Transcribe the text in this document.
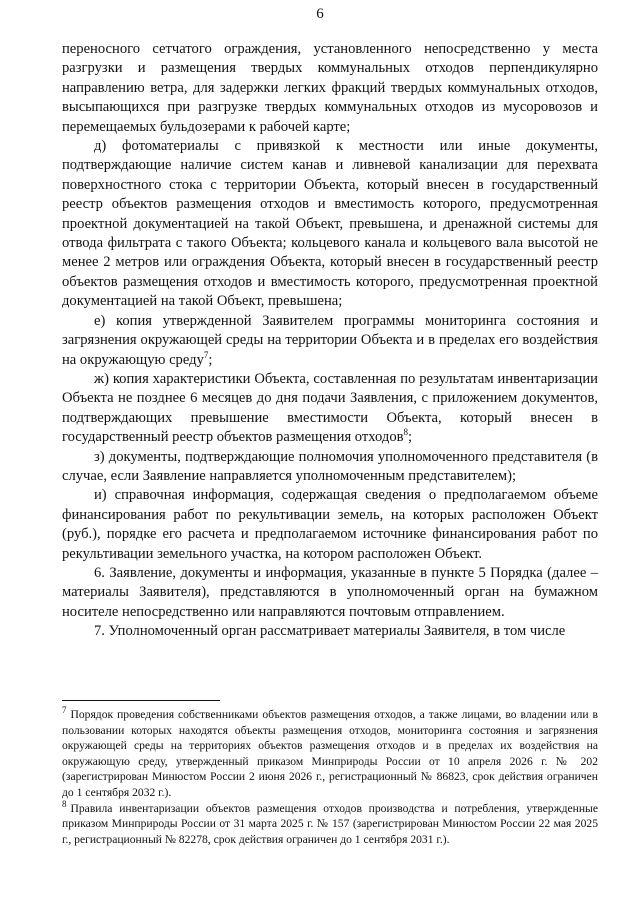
6

переносного сетчатого ограждения, установленного непосредственно у места разгрузки и размещения твердых коммунальных отходов перпендикулярно направлению ветра, для задержки легких фракций твердых коммунальных отходов, высыпающихся при разгрузке твердых коммунальных отходов из мусоровозов и перемещаемых бульдозерами к рабочей карте;

д) фотоматериалы с привязкой к местности или иные документы, подтверждающие наличие систем канав и ливневой канализации для перехвата поверхностного стока с территории Объекта, который внесен в государственный реестр объектов размещения отходов и вместимость которого, предусмотренная проектной документацией на такой Объект, превышена, и дренажной системы для отвода фильтрата с такого Объекта; кольцевого канала и кольцевого вала высотой не менее 2 метров или ограждения Объекта, который внесен в государственный реестр объектов размещения отходов и вместимость которого, предусмотренная проектной документацией на такой Объект, превышена;

е) копия утвержденной Заявителем программы мониторинга состояния и загрязнения окружающей среды на территории Объекта и в пределах его воздействия на окружающую среду$^7$;

ж) копия характеристики Объекта, составленная по результатам инвентаризации Объекта не позднее 6 месяцев до дня подачи Заявления, с приложением документов, подтверждающих превышение вместимости Объекта, который внесен в государственный реестр объектов размещения отходов$^8$;

з) документы, подтверждающие полномочия уполномоченного представителя (в случае, если Заявление направляется уполномоченным представителем);

и) справочная информация, содержащая сведения о предполагаемом объеме финансирования работ по рекультивации земель, на которых расположен Объект (руб.), порядке его расчета и предполагаемом источнике финансирования работ по рекультивации земельного участка, на котором расположен Объект.

6. Заявление, документы и информация, указанные в пункте 5 Порядка (далее – материалы Заявителя), представляются в уполномоченный орган на бумажном носителе непосредственно или направляются почтовым отправлением.

7. Уполномоченный орган рассматривает материалы Заявителя, в том числе

$^7$ Порядок проведения собственниками объектов размещения отходов, а также лицами, во владении или в пользовании которых находятся объекты размещения отходов, мониторинга состояния и загрязнения окружающей среды на территориях объектов размещения отходов и в пределах их воздействия на окружающую среду, утвержденный приказом Минприроды России от 10 апреля 2026 г. № 202 (зарегистрирован Минюстом России 2 июня 2026 г., регистрационный № 86823, срок действия ограничен до 1 сентября 2032 г.).

$^8$ Правила инвентаризации объектов размещения отходов производства и потребления, утвержденные приказом Минприроды России от 31 марта 2025 г. № 157 (зарегистрирован Минюстом России 22 мая 2025 г., регистрационный № 82278, срок действия ограничен до 1 сентября 2031 г.).
